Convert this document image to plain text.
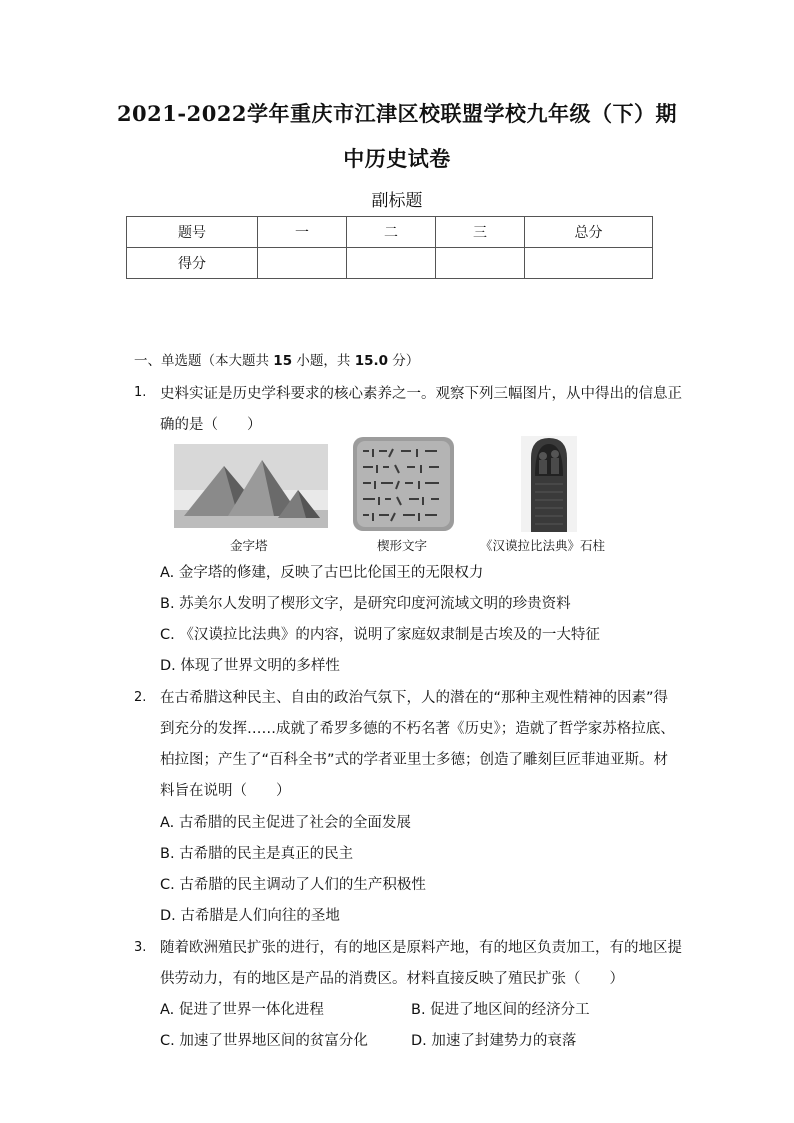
2021-2022学年重庆市江津区校联盟学校九年级（下）期
中历史试卷
副标题
题号	一	二	三	总分
得分				
一、单选题（本大题共 15 小题，共 15.0 分）
1. 史料实证是历史学科要求的核心素养之一。观察下列三幅图片，从中得出的信息正
确的是（　　）
金字塔	楔形文字	《汉谟拉比法典》石柱
A. 金字塔的修建，反映了古巴比伦国王的无限权力
B. 苏美尔人发明了楔形文字，是研究印度河流域文明的珍贵资料
C. 《汉谟拉比法典》的内容，说明了家庭奴隶制是古埃及的一大特征
D. 体现了世界文明的多样性
2. 在古希腊这种民主、自由的政治气氛下，人的潜在的“那种主观性精神的因素”得
到充分的发挥……成就了希罗多德的不朽名著《历史》；造就了哲学家苏格拉底、
柏拉图；产生了“百科全书”式的学者亚里士多德；创造了雕刻巨匠菲迪亚斯。材
料旨在说明（　　）
A. 古希腊的民主促进了社会的全面发展
B. 古希腊的民主是真正的民主
C. 古希腊的民主调动了人们的生产积极性
D. 古希腊是人们向往的圣地
3. 随着欧洲殖民扩张的进行，有的地区是原料产地，有的地区负责加工，有的地区提
供劳动力，有的地区是产品的消费区。材料直接反映了殖民扩张（　　）
A. 促进了世界一体化进程	B. 促进了地区间的经济分工
C. 加速了世界地区间的贫富分化	D. 加速了封建势力的衰落
